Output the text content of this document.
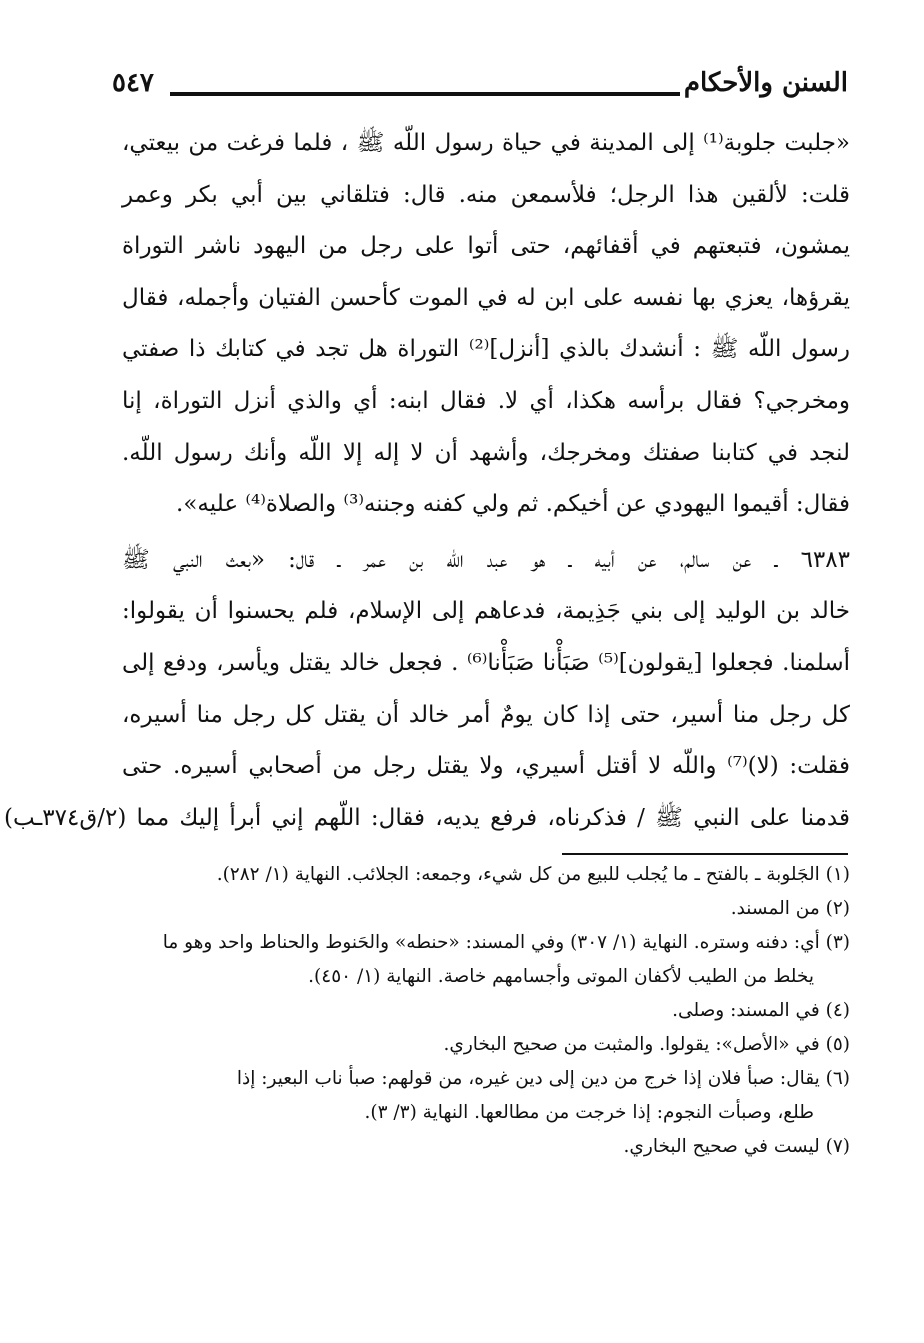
السنن والأحكام
٥٤٧
«جلبت جلوبة⁽¹⁾ إلى المدينة في حياة رسول اللّه ﷺ ، فلما فرغت من بيعتي،
قلت: لألقين هذا الرجل؛ فلأسمعن منه. قال: فتلقاني بين أبي بكر وعمر
يمشون، فتبعتهم في أقفائهم، حتى أتوا على رجل من اليهود ناشر التوراة
يقرؤها، يعزي بها نفسه على ابن له في الموت كأحسن الفتيان وأجمله، فقال
رسول اللّه ﷺ : أنشدك بالذي [أنزل]⁽²⁾ التوراة هل تجد في كتابك ذا صفتي
ومخرجي؟ فقال برأسه هكذا، أي لا. فقال ابنه: أي والذي أنزل التوراة، إنا
لنجد في كتابنا صفتك ومخرجك، وأشهد أن لا إله إلا اللّه وأنك رسول اللّه.
فقال: أقيموا اليهودي عن أخيكم. ثم ولي كفنه وجننه⁽³⁾ والصلاة⁽⁴⁾ عليه».
٦٣٨٣ ـ عن سالم، عن أبيه ـ هو عبد اللّه بن عمر ـ قال: «بعث النبي ﷺ
خالد بن الوليد إلى بني جَذِيمة، فدعاهم إلى الإسلام، فلم يحسنوا أن يقولوا:
أسلمنا. فجعلوا [يقولون]⁽⁵⁾ صَبَأْنا صَبَأْنا⁽⁶⁾ . فجعل خالد يقتل ويأسر، ودفع إلى
كل رجل منا أسير، حتى إذا كان يومٌ أمر خالد أن يقتل كل رجل منا أسيره،
فقلت: (لا)⁽⁷⁾ واللّه لا أقتل أسيري، ولا يقتل رجل من أصحابي أسيره. حتى
قدمنا على النبي ﷺ / فذكرناه، فرفع يديه، فقال: اللّهم إني أبرأ إليك مما (٢/ق٣٧٤ـب)
(١) الجَلوبة ـ بالفتح ـ ما يُجلب للبيع من كل شيء، وجمعه: الجلائب. النهاية (١/ ٢٨٢).
(٢) من المسند.
(٣) أي: دفنه وستره. النهاية (١/ ٣٠٧) وفي المسند: «حنطه» والحَنوط والحناط واحد وهو ما
يخلط من الطيب لأكفان الموتى وأجسامهم خاصة. النهاية (١/ ٤٥٠).
(٤) في المسند: وصلى.
(٥) في «الأصل»: يقولوا. والمثبت من صحيح البخاري.
(٦) يقال: صبأ فلان إذا خرج من دين إلى دين غيره، من قولهم: صبأ ناب البعير: إذا
طلع، وصبأت النجوم: إذا خرجت من مطالعها. النهاية (٣/ ٣).
(٧) ليست في صحيح البخاري.
